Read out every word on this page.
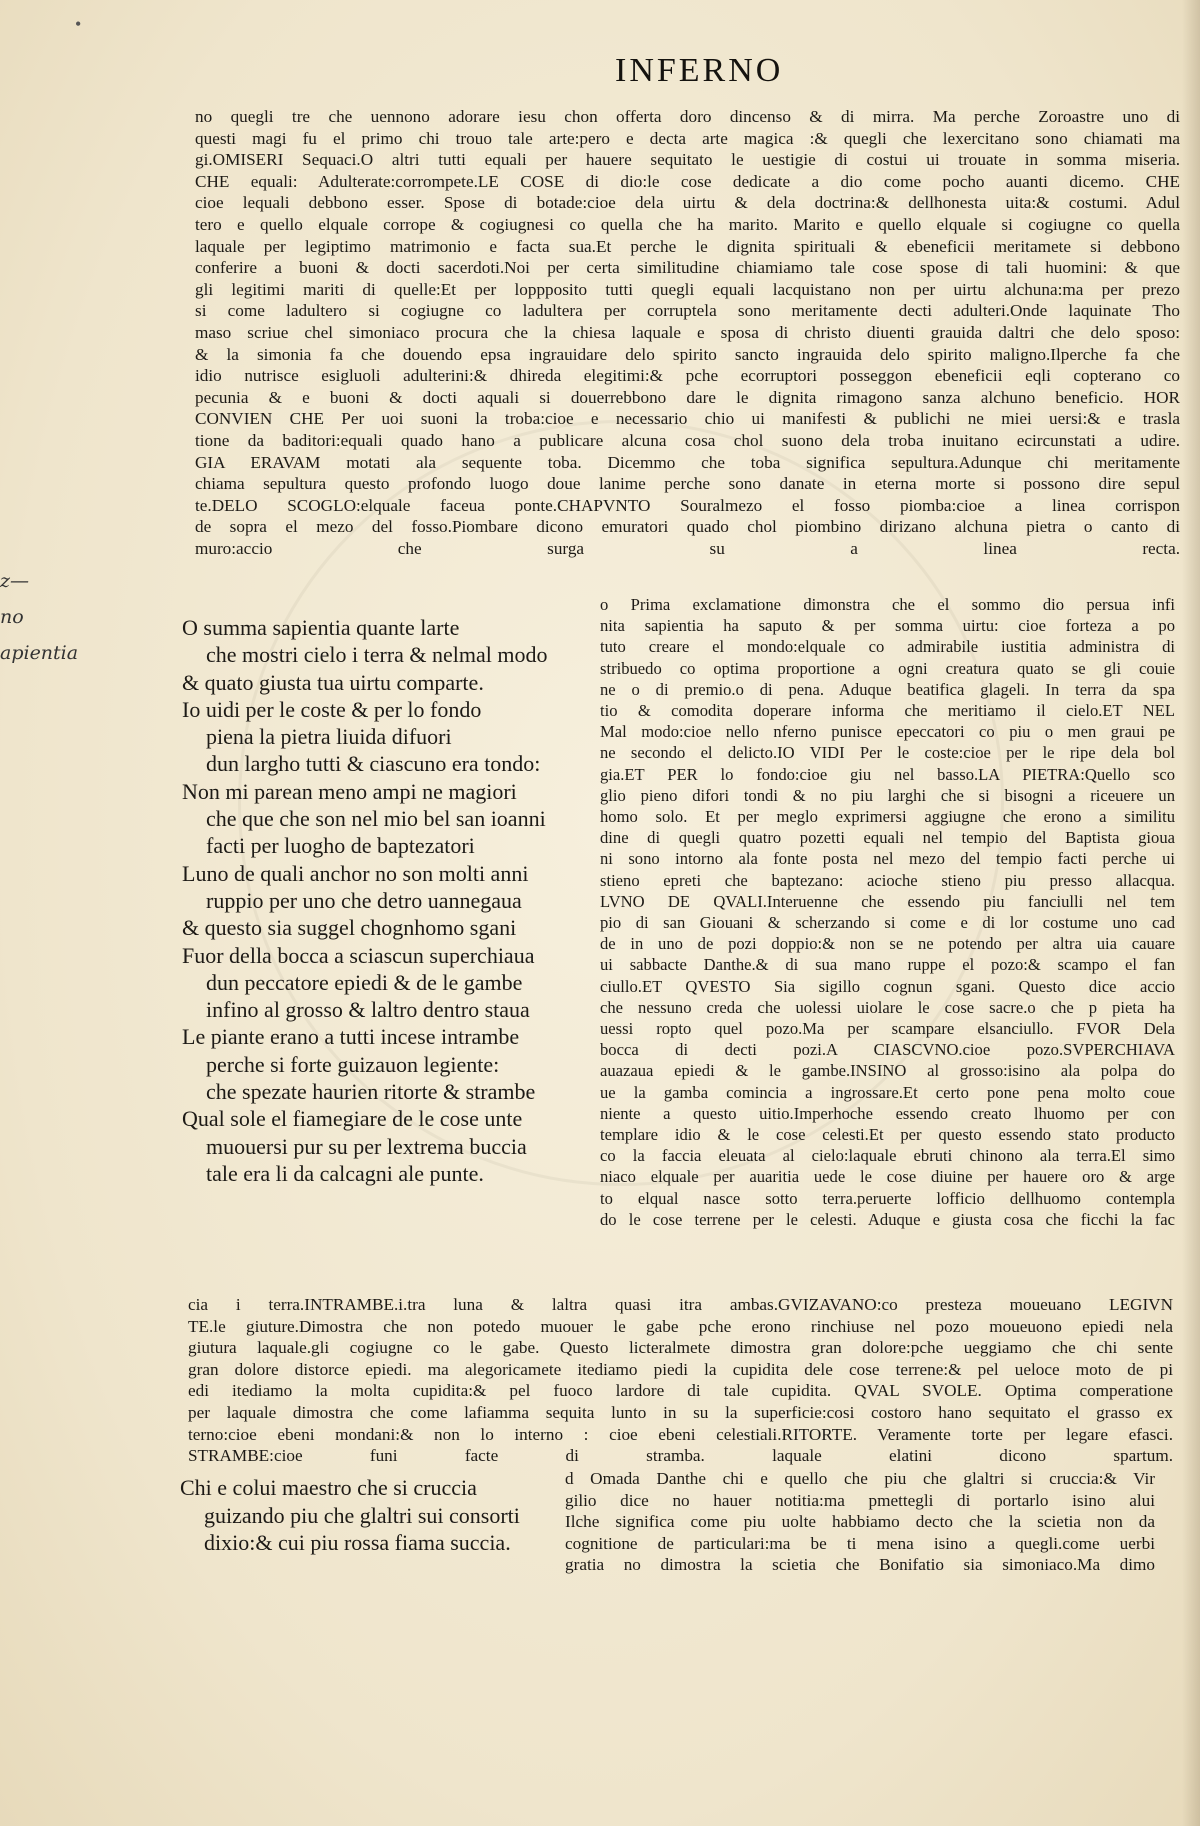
•
INFERNO
z—
no
apientia
no quegli tre che uennono adorare iesu chon offerta doro dincenso & di mirra. Ma perche Zoroastre uno di
questi magi fu el primo chi trouo tale arte:pero e decta arte magica :& quegli che lexercitano sono chiamati ma
gi.OMISERI Sequaci.O altri tutti equali per hauere sequitato le uestigie di costui ui trouate in somma miseria.
CHE equali: Adulterate:corrompete.LE COSE di dio:le cose dedicate a dio come pocho auanti dicemo. CHE
cioe lequali debbono esser. Spose di botade:cioe dela uirtu & dela doctrina:& dellhonesta uita:& costumi. Adul
tero e quello elquale corrope & cogiugnesi co quella che ha marito. Marito e quello elquale si cogiugne co quella
laquale per legiptimo matrimonio e facta sua.Et perche le dignita spirituali & ebeneficii meritamete si debbono
conferire a buoni & docti sacerdoti.Noi per certa similitudine chiamiamo tale cose spose di tali huomini: & que
gli legitimi mariti di quelle:Et per loppposito tutti quegli equali lacquistano non per uirtu alchuna:ma per prezo
si come ladultero si cogiugne co ladultera per corruptela sono meritamente decti adulteri.Onde laquinate Tho
maso scriue chel simoniaco procura che la chiesa laquale e sposa di christo diuenti grauida daltri che delo sposo:
& la simonia fa che douendo epsa ingrauidare delo spirito sancto ingrauida delo spirito maligno.Ilperche fa che
idio nutrisce esigluoli adulterini:& dhireda elegitimi:& pche ecorruptori posseggon ebeneficii eqli copterano co
pecunia & e buoni & docti aquali si douerrebbono dare le dignita rimagono sanza alchuno beneficio. HOR
CONVIEN CHE Per uoi suoni la troba:cioe e necessario chio ui manifesti & publichi ne miei uersi:& e trasla
tione da baditori:equali quado hano a publicare alcuna cosa chol suono dela troba inuitano ecircunstati a udire.
GIA ERAVAM motati ala sequente toba. Dicemmo che toba significa sepultura.Adunque chi meritamente
chiama sepultura questo profondo luogo doue lanime perche sono danate in eterna morte si possono dire sepul
te.DELO SCOGLO:elquale faceua ponte.CHAPVNTO Souralmezo el fosso piomba:cioe a linea corrispon
de sopra el mezo del fosso.Piombare dicono emuratori quado chol piombino dirizano alchuna pietra o canto di
muro:accio che surga su a linea recta.
O summa sapientia quante larte
che mostri cielo i terra & nelmal modo
& quato giusta tua uirtu comparte.
Io uidi per le coste & per lo fondo
piena la pietra liuida difuori
dun largho tutti & ciascuno era tondo:
Non mi parean meno ampi ne magiori
che que che son nel mio bel san ioanni
facti per luogho de baptezatori
Luno de quali anchor no son molti anni
ruppio per uno che detro uannegaua
& questo sia suggel chognhomo sgani
Fuor della bocca a sciascun superchiaua
dun peccatore epiedi & de le gambe
infino al grosso & laltro dentro staua
Le piante erano a tutti incese intrambe
perche si forte guizauon legiente:
che spezate haurien ritorte & strambe
Qual sole el fiamegiare de le cose unte
muouersi pur su per lextrema buccia
tale era li da calcagni ale punte.
o Prima exclamatione dimonstra che el sommo dio persua infi
nita sapientia ha saputo & per somma uirtu: cioe forteza a po
tuto creare el mondo:elquale co admirabile iustitia administra di
stribuedo co optima proportione a ogni creatura quato se gli couie
ne o di premio.o di pena. Aduque beatifica glageli. In terra da spa
tio & comodita doperare informa che meritiamo il cielo.ET NEL
Mal modo:cioe nello nferno punisce epeccatori co piu o men graui pe
ne secondo el delicto.IO VIDI Per le coste:cioe per le ripe dela bol
gia.ET PER lo fondo:cioe giu nel basso.LA PIETRA:Quello sco
glio pieno difori tondi & no piu larghi che si bisogni a riceuere un
homo solo. Et per meglo exprimersi aggiugne che erono a similitu
dine di quegli quatro pozetti equali nel tempio del Baptista gioua
ni sono intorno ala fonte posta nel mezo del tempio facti perche ui
stieno epreti che baptezano: acioche stieno piu presso allacqua.
LVNO DE QVALI.Interuenne che essendo piu fanciulli nel tem
pio di san Giouani & scherzando si come e di lor costume uno cad
de in uno de pozi doppio:& non se ne potendo per altra uia cauare
ui sabbacte Danthe.& di sua mano ruppe el pozo:& scampo el fan
ciullo.ET QVESTO Sia sigillo cognun sgani. Questo dice accio
che nessuno creda che uolessi uiolare le cose sacre.o che p pieta ha
uessi ropto quel pozo.Ma per scampare elsanciullo. FVOR Dela
bocca di decti pozi.A CIASCVNO.cioe pozo.SVPERCHIAVA
auazaua epiedi & le gambe.INSINO al grosso:isino ala polpa do
ue la gamba comincia a ingrossare.Et certo pone pena molto coue
niente a questo uitio.Imperhoche essendo creato lhuomo per con
templare idio & le cose celesti.Et per questo essendo stato producto
co la faccia eleuata al cielo:laquale ebruti chinono ala terra.El simo
niaco elquale per auaritia uede le cose diuine per hauere oro & arge
to elqual nasce sotto terra.peruerte lofficio dellhuomo contempla
do le cose terrene per le celesti. Aduque e giusta cosa che ficchi la fac
cia i terra.INTRAMBE.i.tra luna & laltra quasi itra ambas.GVIZAVANO:co presteza moueuano LEGIVN
TE.le giuture.Dimostra che non potedo muouer le gabe pche erono rinchiuse nel pozo moueuono epiedi nela
giutura laquale.gli cogiugne co le gabe. Questo licteralmete dimostra gran dolore:pche ueggiamo che chi sente
gran dolore distorce epiedi. ma alegoricamete itediamo piedi la cupidita dele cose terrene:& pel ueloce moto de pi
edi itediamo la molta cupidita:& pel fuoco lardore di tale cupidita. QVAL SVOLE. Optima comperatione
per laquale dimostra che come lafiamma sequita lunto in su la superficie:cosi costoro hano sequitato el grasso ex
terno:cioe ebeni mondani:& non lo interno : cioe ebeni celestiali.RITORTE. Veramente torte per legare efasci.
STRAMBE:cioe funi facte di stramba. laquale elatini dicono spartum.
Chi e colui maestro che si cruccia
guizando piu che glaltri sui consorti
dixio:& cui piu rossa fiama succia.
d Omada Danthe chi e quello che piu che glaltri si cruccia:& Vir
gilio dice no hauer notitia:ma pmettegli di portarlo isino alui
Ilche significa come piu uolte habbiamo decto che la scietia non da
cognitione de particulari:ma be ti mena isino a quegli.come uerbi
gratia no dimostra la scietia che Bonifatio sia simoniaco.Ma dimo
